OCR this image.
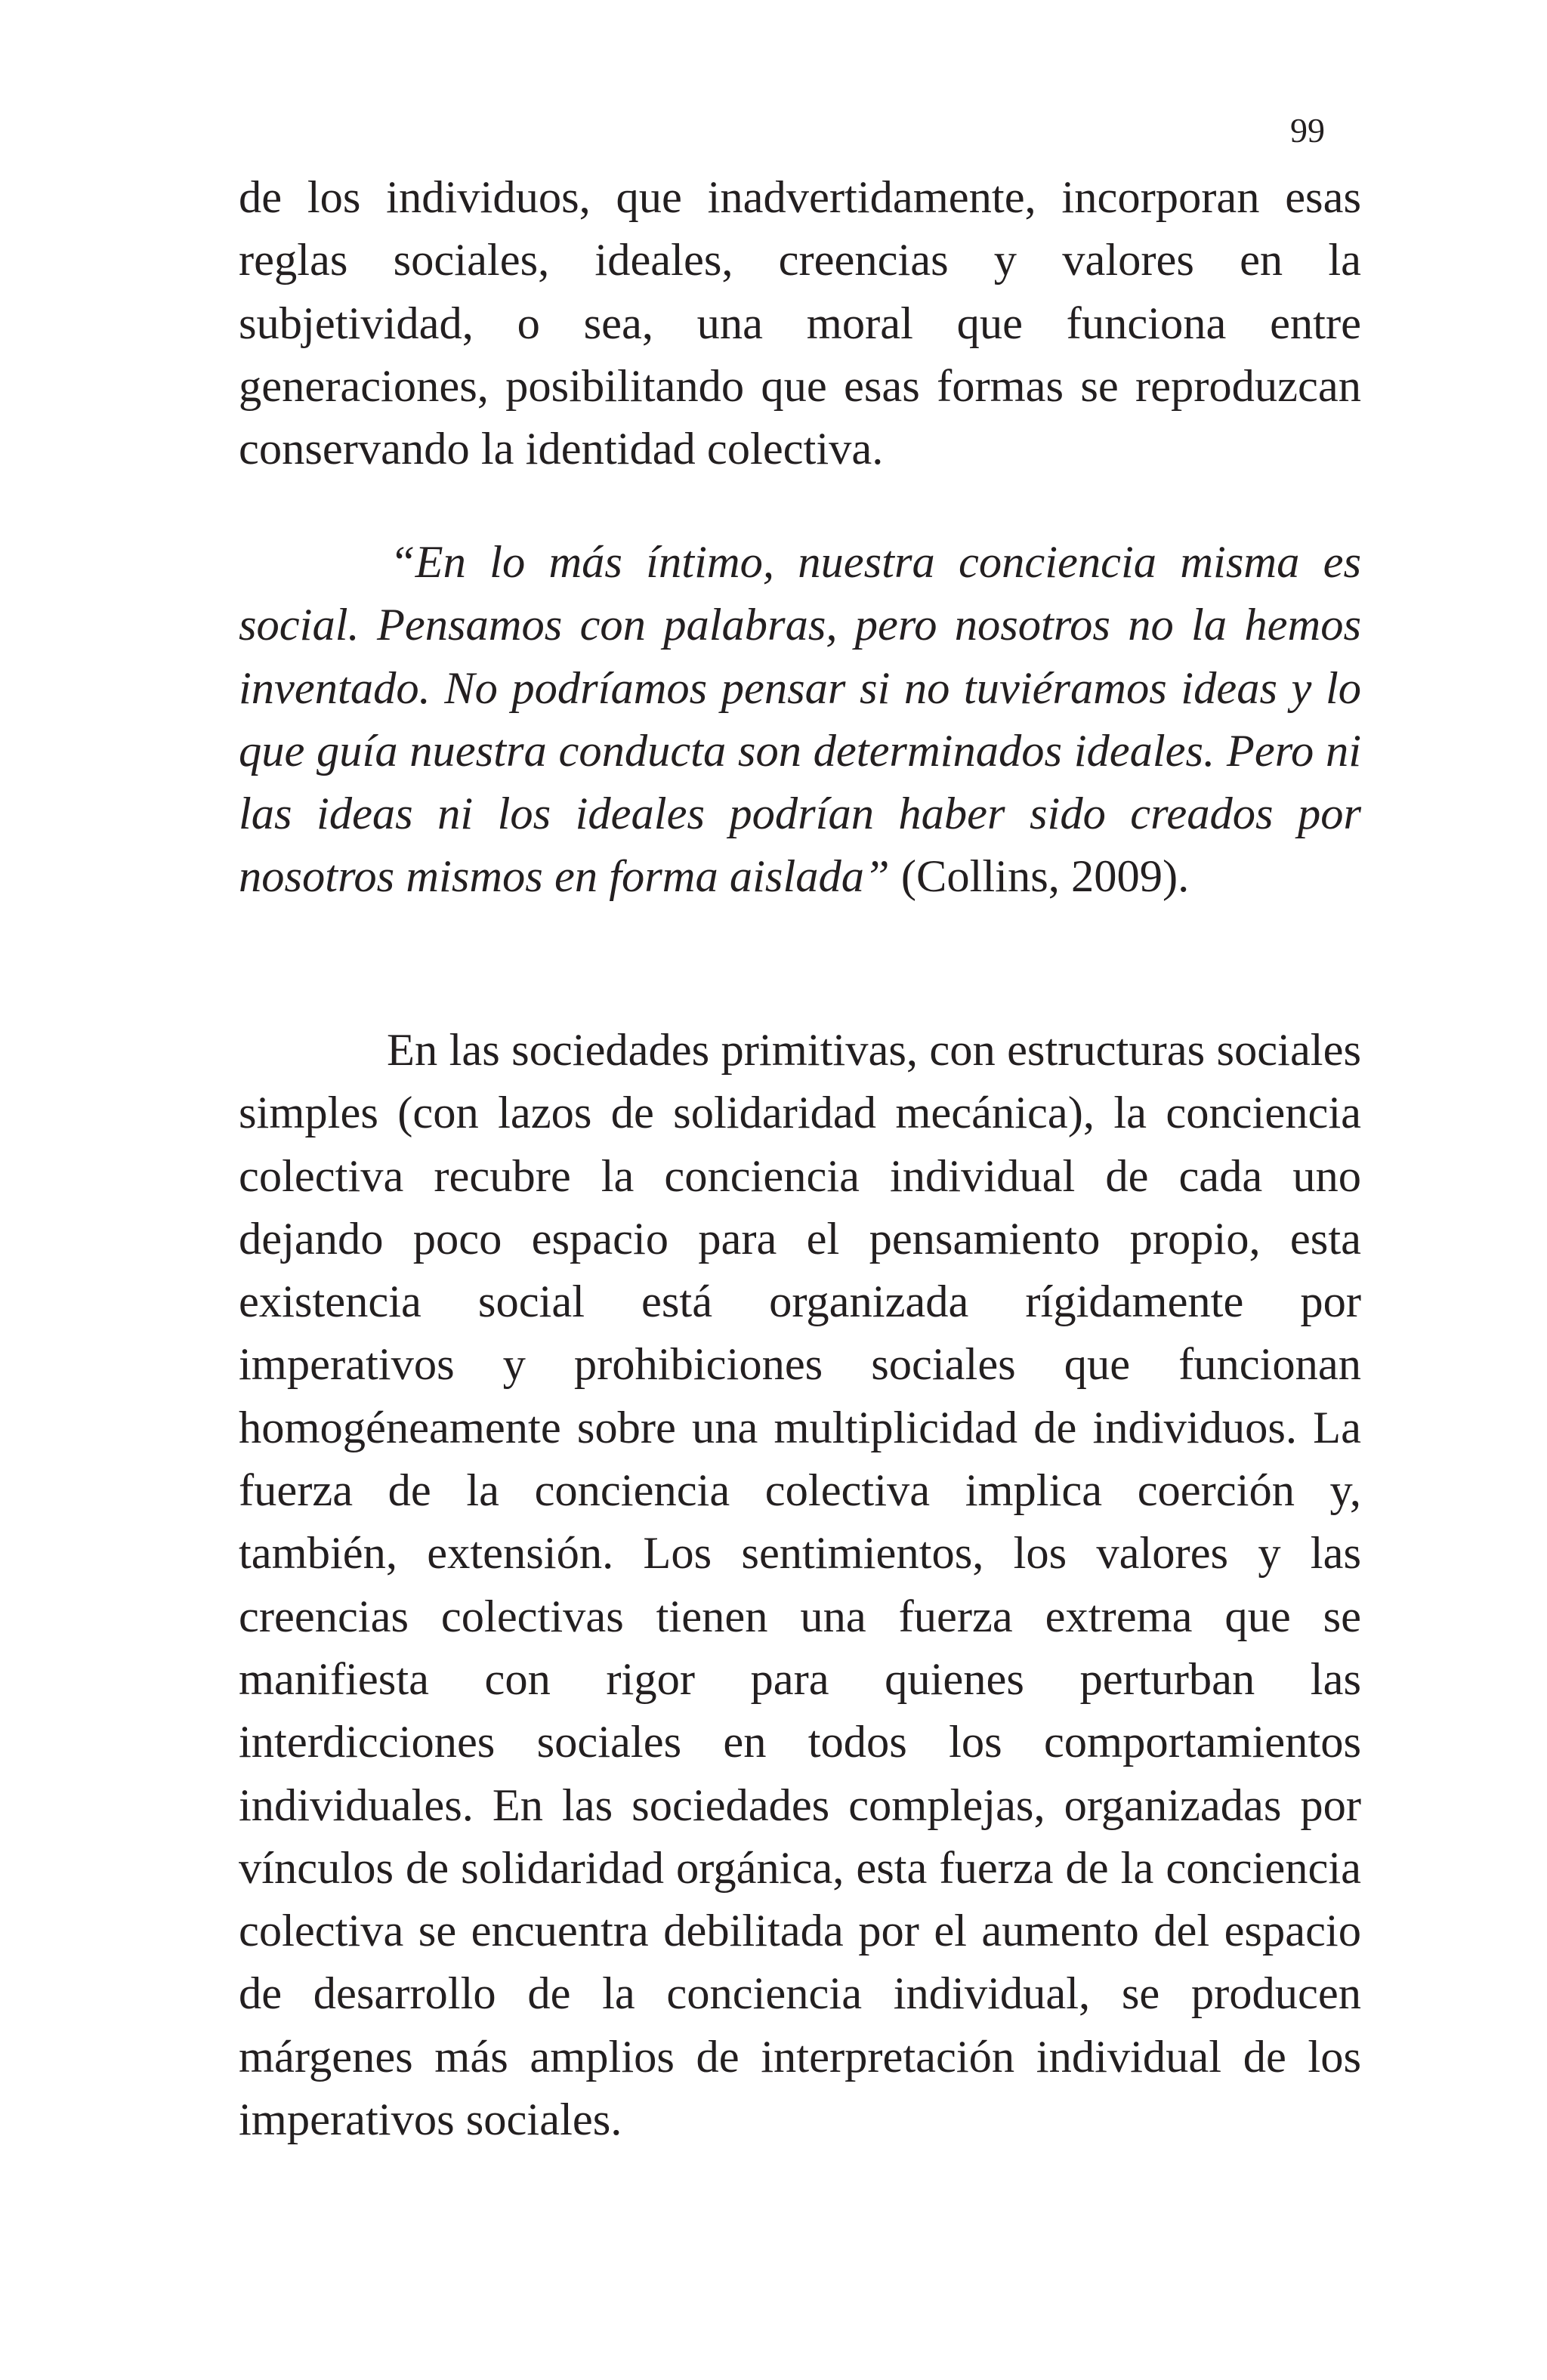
99

de los individuos, que inadvertidamente, incorporan esas reglas sociales, ideales, creencias y valores en la subjetividad, o sea, una moral que funciona entre generaciones, posibilitando que esas formas se reproduzcan conservando la identidad colectiva.

“En lo más íntimo, nuestra conciencia misma es social. Pensamos con palabras, pero nosotros no la hemos inventado. No podríamos pensar si no tuviéramos ideas y lo que guía nuestra conducta son determinados ideales. Pero ni las ideas ni los ideales podrían haber sido creados por nosotros mismos en forma aislada” (Collins, 2009).

En las sociedades primitivas, con estructuras sociales simples (con lazos de solidaridad mecánica), la conciencia colectiva recubre la conciencia individual de cada uno dejando poco espacio para el pensamiento propio, esta existencia social está organizada rígidamente por imperativos y prohibiciones sociales que funcionan homogéneamente sobre una multiplicidad de individuos. La fuerza de la conciencia colectiva implica coerción y, también, extensión. Los sentimientos, los valores y las creencias colectivas tienen una fuerza extrema que se manifiesta con rigor para quienes perturban las interdicciones sociales en todos los comportamientos individuales. En las sociedades complejas, organizadas por vínculos de solidaridad orgánica, esta fuerza de la conciencia colectiva se encuentra debilitada por el aumento del espacio de desarrollo de la conciencia individual, se producen márgenes más amplios de interpretación individual de los imperativos sociales.
